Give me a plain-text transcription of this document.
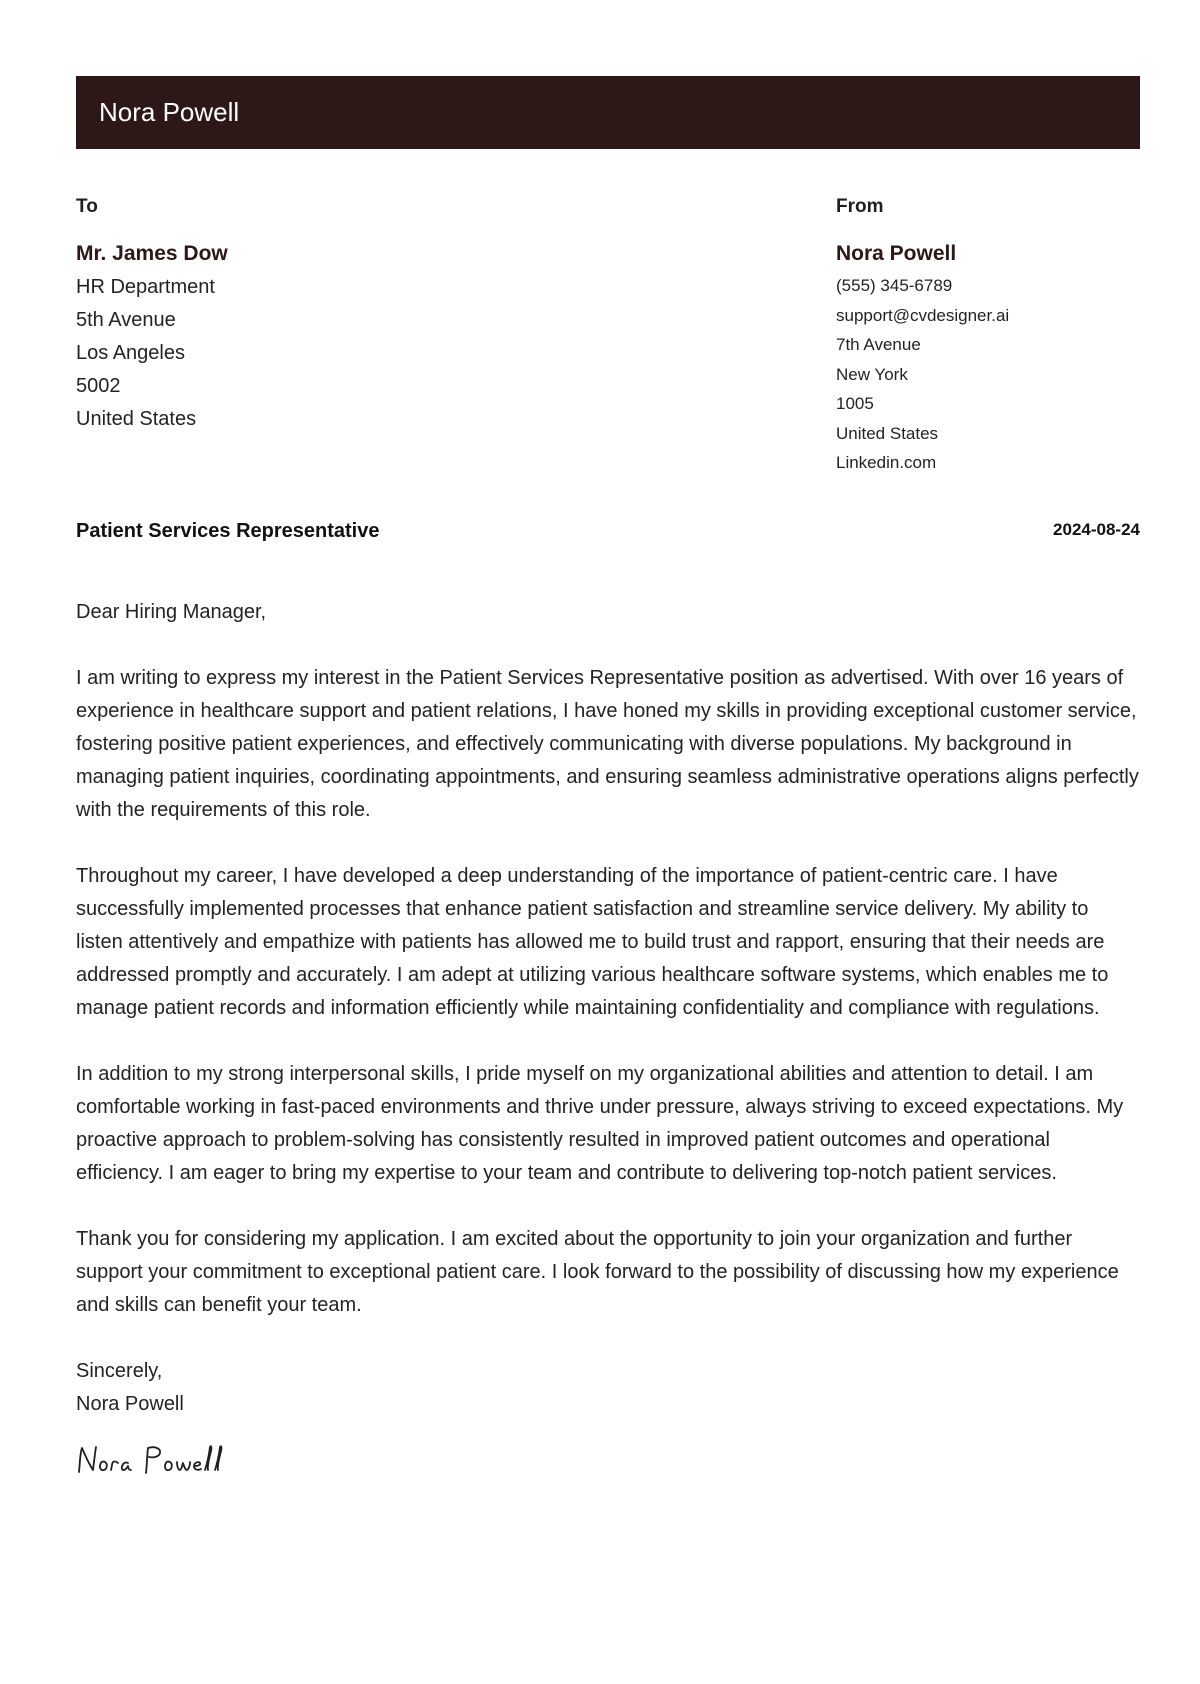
Nora Powell
To
Mr. James Dow
HR Department
5th Avenue
Los Angeles
5002
United States
From
Nora Powell
(555) 345-6789
support@cvdesigner.ai
7th Avenue
New York
1005
United States
Linkedin.com
Patient Services Representative	2024-08-24
Dear Hiring Manager,
I am writing to express my interest in the Patient Services Representative position as advertised. With over 16 years of experience in healthcare support and patient relations, I have honed my skills in providing exceptional customer service, fostering positive patient experiences, and effectively communicating with diverse populations. My background in managing patient inquiries, coordinating appointments, and ensuring seamless administrative operations aligns perfectly with the requirements of this role.
Throughout my career, I have developed a deep understanding of the importance of patient-centric care. I have successfully implemented processes that enhance patient satisfaction and streamline service delivery. My ability to listen attentively and empathize with patients has allowed me to build trust and rapport, ensuring that their needs are addressed promptly and accurately. I am adept at utilizing various healthcare software systems, which enables me to manage patient records and information efficiently while maintaining confidentiality and compliance with regulations.
In addition to my strong interpersonal skills, I pride myself on my organizational abilities and attention to detail. I am comfortable working in fast-paced environments and thrive under pressure, always striving to exceed expectations. My proactive approach to problem-solving has consistently resulted in improved patient outcomes and operational efficiency. I am eager to bring my expertise to your team and contribute to delivering top-notch patient services.
Thank you for considering my application. I am excited about the opportunity to join your organization and further support your commitment to exceptional patient care. I look forward to the possibility of discussing how my experience and skills can benefit your team.
Sincerely,
Nora Powell
